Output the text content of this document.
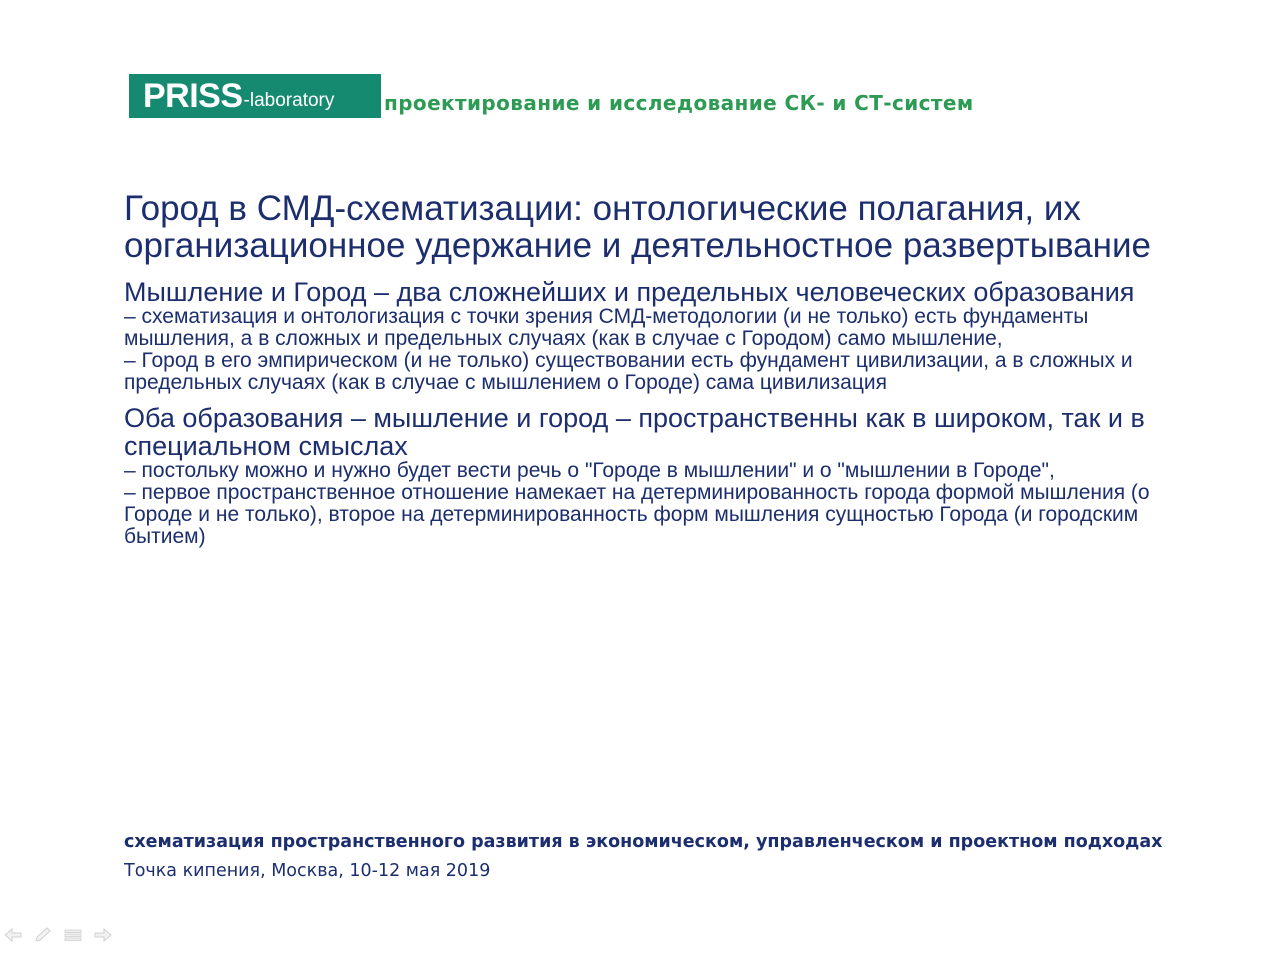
PRISS -laboratory проектирование и исследование СК- и СТ-систем
Город в СМД-схематизации: онтологические полагания, их организационное удержание и деятельностное развертывание

Мышление и Город – два сложнейших и предельных человеческих образования

– схематизация и онтологизация с точки зрения СМД-методологии (и не только) есть фундаменты мышления, а в сложных и предельных случаях (как в случае с Городом) само мышление,

– Город в его эмпирическом (и не только) существовании есть фундамент цивилизации, а в сложных и предельных случаях (как в случае с мышлением о Городе) сама цивилизация

Оба образования – мышление и город – пространственны как в широком, так и в специальном смыслах

– постольку можно и нужно будет вести речь о "Городе в мышлении" и о "мышлении в Городе",

– первое пространственное отношение намекает на детерминированность города формой мышления (о Городе и не только), второе на детерминированность форм мышления сущностью Города (и городским бытием)

схематизация пространственного развития в экономическом, управленческом и проектном подходах
Точка кипения, Москва, 10-12 мая 2019
